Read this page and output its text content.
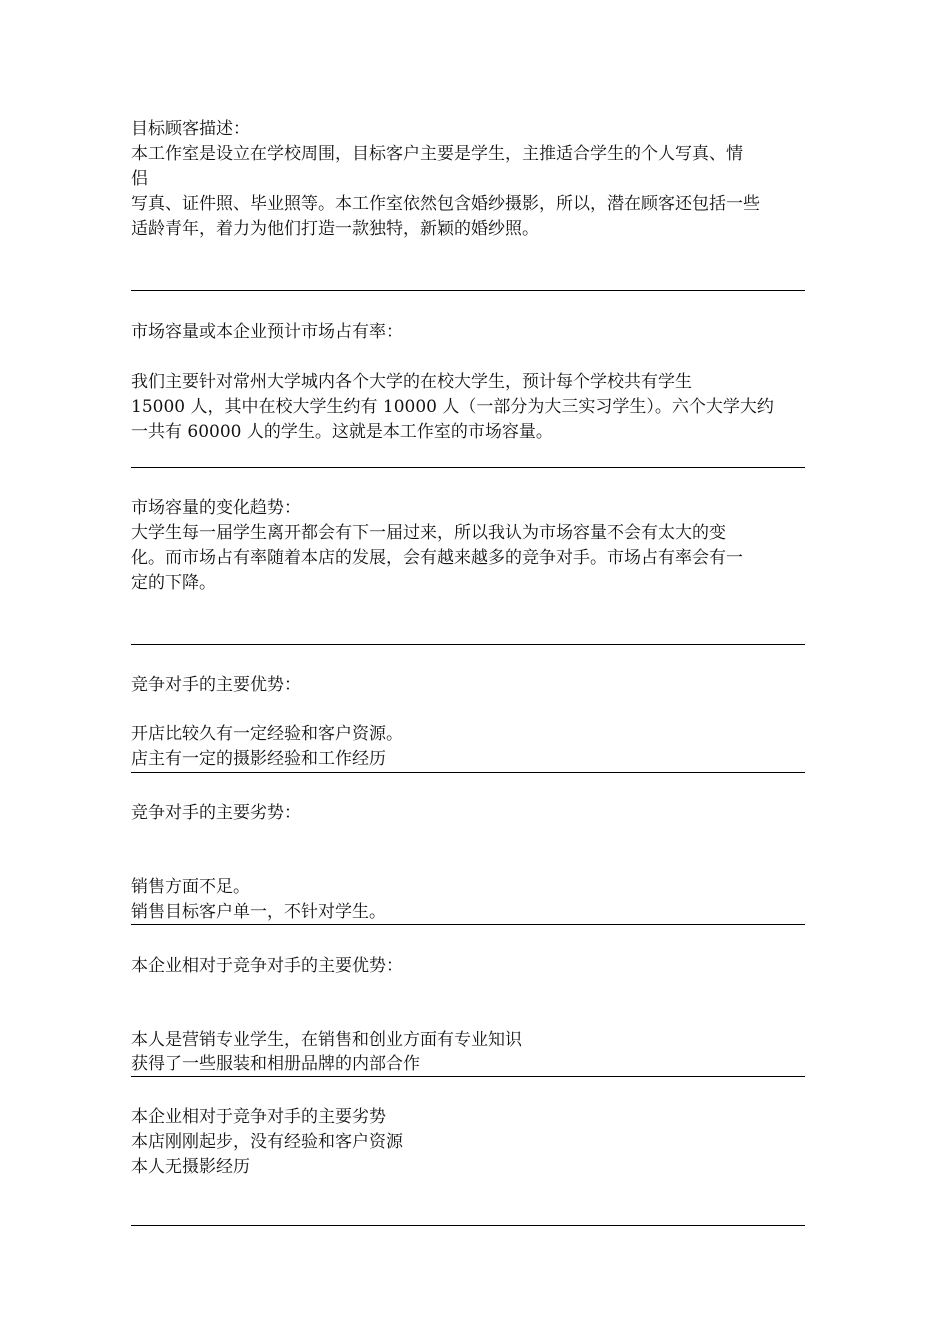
目标顾客描述：
本工作室是设立在学校周围，目标客户主要是学生，主推适合学生的个人写真、情
侣
写真、证件照、毕业照等。本工作室依然包含婚纱摄影，所以，潜在顾客还包括一些
适龄青年，着力为他们打造一款独特，新颖的婚纱照。
市场容量或本企业预计市场占有率：
我们主要针对常州大学城内各个大学的在校大学生，预计每个学校共有学生
15000 人，其中在校大学生约有 10000 人（一部分为大三实习学生）。六个大学大约
一共有 60000 人的学生。这就是本工作室的市场容量。
市场容量的变化趋势：
大学生每一届学生离开都会有下一届过来，所以我认为市场容量不会有太大的变
化。而市场占有率随着本店的发展，会有越来越多的竞争对手。市场占有率会有一
定的下降。
竞争对手的主要优势：
开店比较久有一定经验和客户资源。
店主有一定的摄影经验和工作经历
竞争对手的主要劣势：
销售方面不足。
销售目标客户单一，不针对学生。
本企业相对于竞争对手的主要优势：
本人是营销专业学生，在销售和创业方面有专业知识
获得了一些服装和相册品牌的内部合作
本企业相对于竞争对手的主要劣势
本店刚刚起步，没有经验和客户资源
本人无摄影经历
